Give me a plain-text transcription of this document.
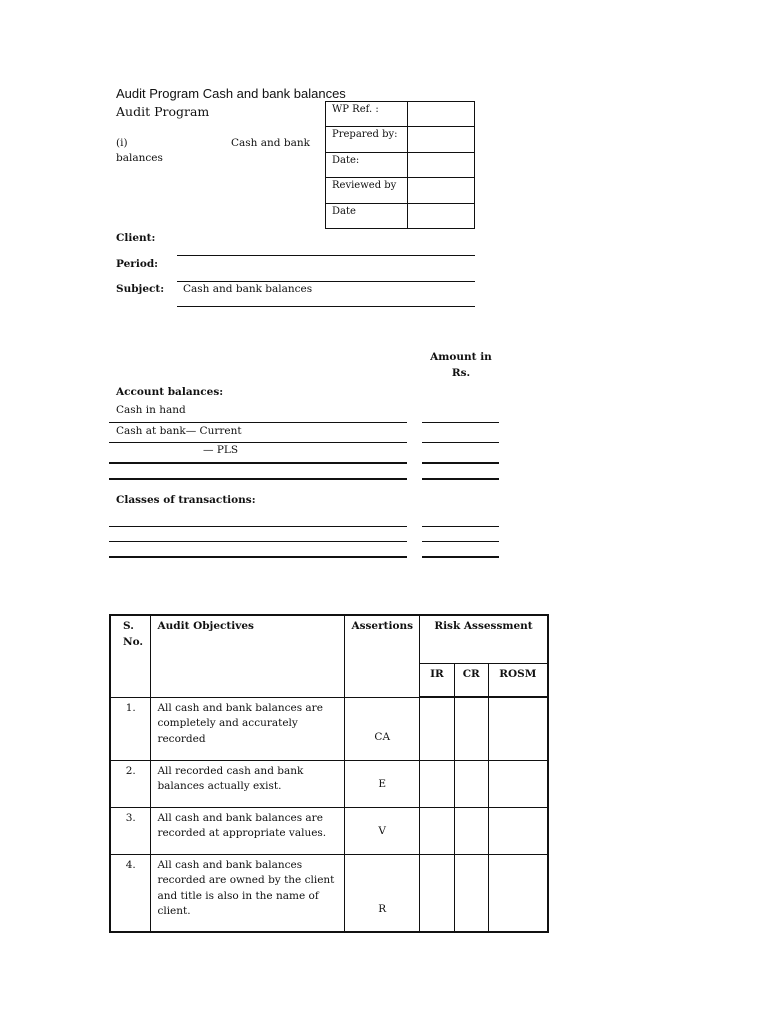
Audit Program Cash and bank balances
Audit Program
(i)	Cash and bank
balances
WP Ref. :	
Prepared by:	
Date:	
Reviewed by	
Date	
Client:
Period:
Subject: Cash and bank balances
Amount in
Rs.
Account balances:
Cash in hand
Cash at bank— Current
— PLS
Classes of transactions:
S. No.	Audit Objectives	Assertions	Risk Assessment		
			IR	CR	ROSM
1.	All cash and bank balances are completely and accurately recorded	CA			
2.	All recorded cash and bank balances actually exist.	E			
3.	All cash and bank balances are recorded at appropriate values.	V			
4.	All cash and bank balances recorded are owned by the client and title is also in the name of client.	R			
